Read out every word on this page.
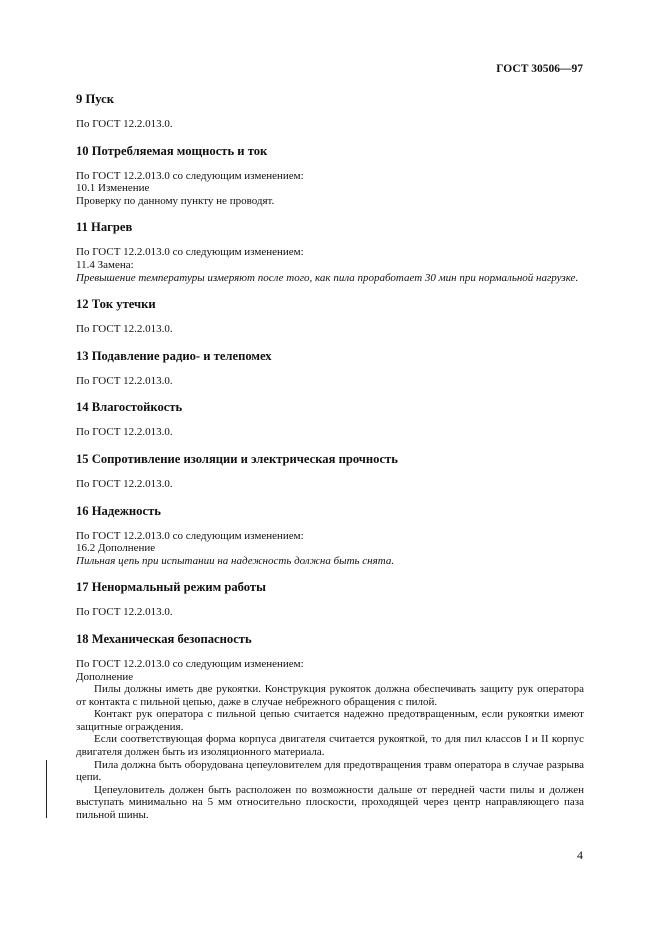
ГОСТ 30506—97
9 Пуск

По ГОСТ 12.2.013.0.

10 Потребляемая мощность и ток

По ГОСТ 12.2.013.0 со следующим изменением:

10.1 Изменение

Проверку по данному пункту не проводят.

11 Нагрев

По ГОСТ 12.2.013.0 со следующим изменением:

11.4 Замена:

Превышение температуры измеряют после того, как пила проработает 30 мин при нормальной нагрузке.

12 Ток утечки

По ГОСТ 12.2.013.0.

13 Подавление радио- и телепомех

По ГОСТ 12.2.013.0.

14 Влагостойкость

По ГОСТ 12.2.013.0.

15 Сопротивление изоляции и электрическая прочность

По ГОСТ 12.2.013.0.

16 Надежность

По ГОСТ 12.2.013.0 со следующим изменением:

16.2 Дополнение

Пильная цепь при испытании на надежность должна быть снята.

17 Ненормальный режим работы

По ГОСТ 12.2.013.0.

18 Механическая безопасность

По ГОСТ 12.2.013.0 со следующим изменением:

Дополнение

Пилы должны иметь две рукоятки. Конструкция рукояток должна обеспечивать защиту рук оператора от контакта с пильной цепью, даже в случае небрежного обращения с пилой.

Контакт рук оператора с пильной цепью считается надежно предотвращенным, если рукоятки имеют защитные ограждения.

Если соответствующая форма корпуса двигателя считается рукояткой, то для пил классов I и II корпус двигателя должен быть из изоляционного материала.

Пила должна быть оборудована цепеуловителем для предотвращения травм оператора в случае разрыва цепи.

Цепеуловитель должен быть расположен по возможности дальше от передней части пилы и должен выступать минимально на 5 мм относительно плоскости, проходящей через центр направляющего паза пильной шины.

4
